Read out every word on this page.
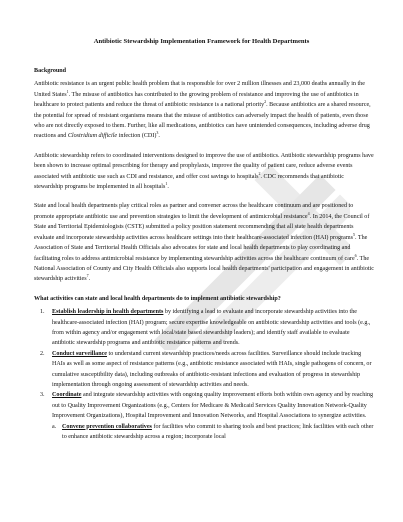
Antibiotic Stewardship Implementation Framework for Health Departments
Background

Antibiotic resistance is an urgent public health problem that is responsible for over 2 million illnesses and 23,000 deaths annually in the United States$^1$. The misuse of antibiotics has contributed to the growing problem of resistance and improving the use of antibiotics in healthcare to protect patients and reduce the threat of antibiotic resistance is a national priority$^2$. Because antibiotics are a shared resource, the potential for spread of resistant organisms means that the misuse of antibiotics can adversely impact the health of patients, even those who are not directly exposed to them. Further, like all medications, antibiotics can have unintended consequences, including adverse drug reactions and Clostridium difficile infection (CDI)$^3$.

Antibiotic stewardship refers to coordinated interventions designed to improve the use of antibiotics. Antibiotic stewardship programs have been shown to increase optimal prescribing for therapy and prophylaxis, improve the quality of patient care, reduce adverse events associated with antibiotic use such as CDI and resistance, and offer cost savings to hospitals$^2$. CDC recommends that antibiotic stewardship programs be implemented in all hospitals$^1$.

State and local health departments play critical roles as partner and convener across the healthcare continuum and are positioned to promote appropriate antibiotic use and prevention strategies to limit the development of antimicrobial resistance$^4$. In 2014, the Council of State and Territorial Epidemiologists (CSTE) submitted a policy position statement recommending that all state health departments evaluate and incorporate stewardship activities across healthcare settings into their healthcare-associated infection (HAI) programs$^5$. The Association of State and Territorial Health Officials also advocates for state and local health departments to play coordinating and facilitating roles to address antimicrobial resistance by implementing stewardship activities across the healthcare continuum of care$^6$. The National Association of County and City Health Officials also supports local health departments' participation and engagement in antibiotic stewardship activities$^7$.

What activities can state and local health departments do to implement antibiotic stewardship?
1. Establish leadership in health departments by identifying a lead to evaluate and incorporate stewardship activities into the healthcare-associated infection (HAI) program; secure expertise knowledgeable on antibiotic stewardship activities and tools (e.g., from within agency and/or engagement with local/state based stewardship leaders); and identify staff available to evaluate antibiotic stewardship programs and antibiotic resistance patterns and trends.
2. Conduct surveillance to understand current stewardship practices/needs across facilities. Surveillance should include tracking HAIs as well as some aspect of resistance patterns (e.g., antibiotic resistance associated with HAIs, single pathogens of concern, or cumulative susceptibility data), including outbreaks of antibiotic-resistant infections and evaluation of progress in stewardship implementation through ongoing assessment of stewardship activities and needs.
3. Coordinate and integrate stewardship activities with ongoing quality improvement efforts both within own agency and by reaching out to Quality Improvement Organizations (e.g., Centers for Medicare & Medicaid Services Quality Innovation Network-Quality Improvement Organizations), Hospital Improvement and Innovation Networks, and Hospital Associations to synergize activities.
a. Convene prevention collaboratives for facilities who commit to sharing tools and best practices; link facilities with each other to enhance antibiotic stewardship across a region; incorporate local
